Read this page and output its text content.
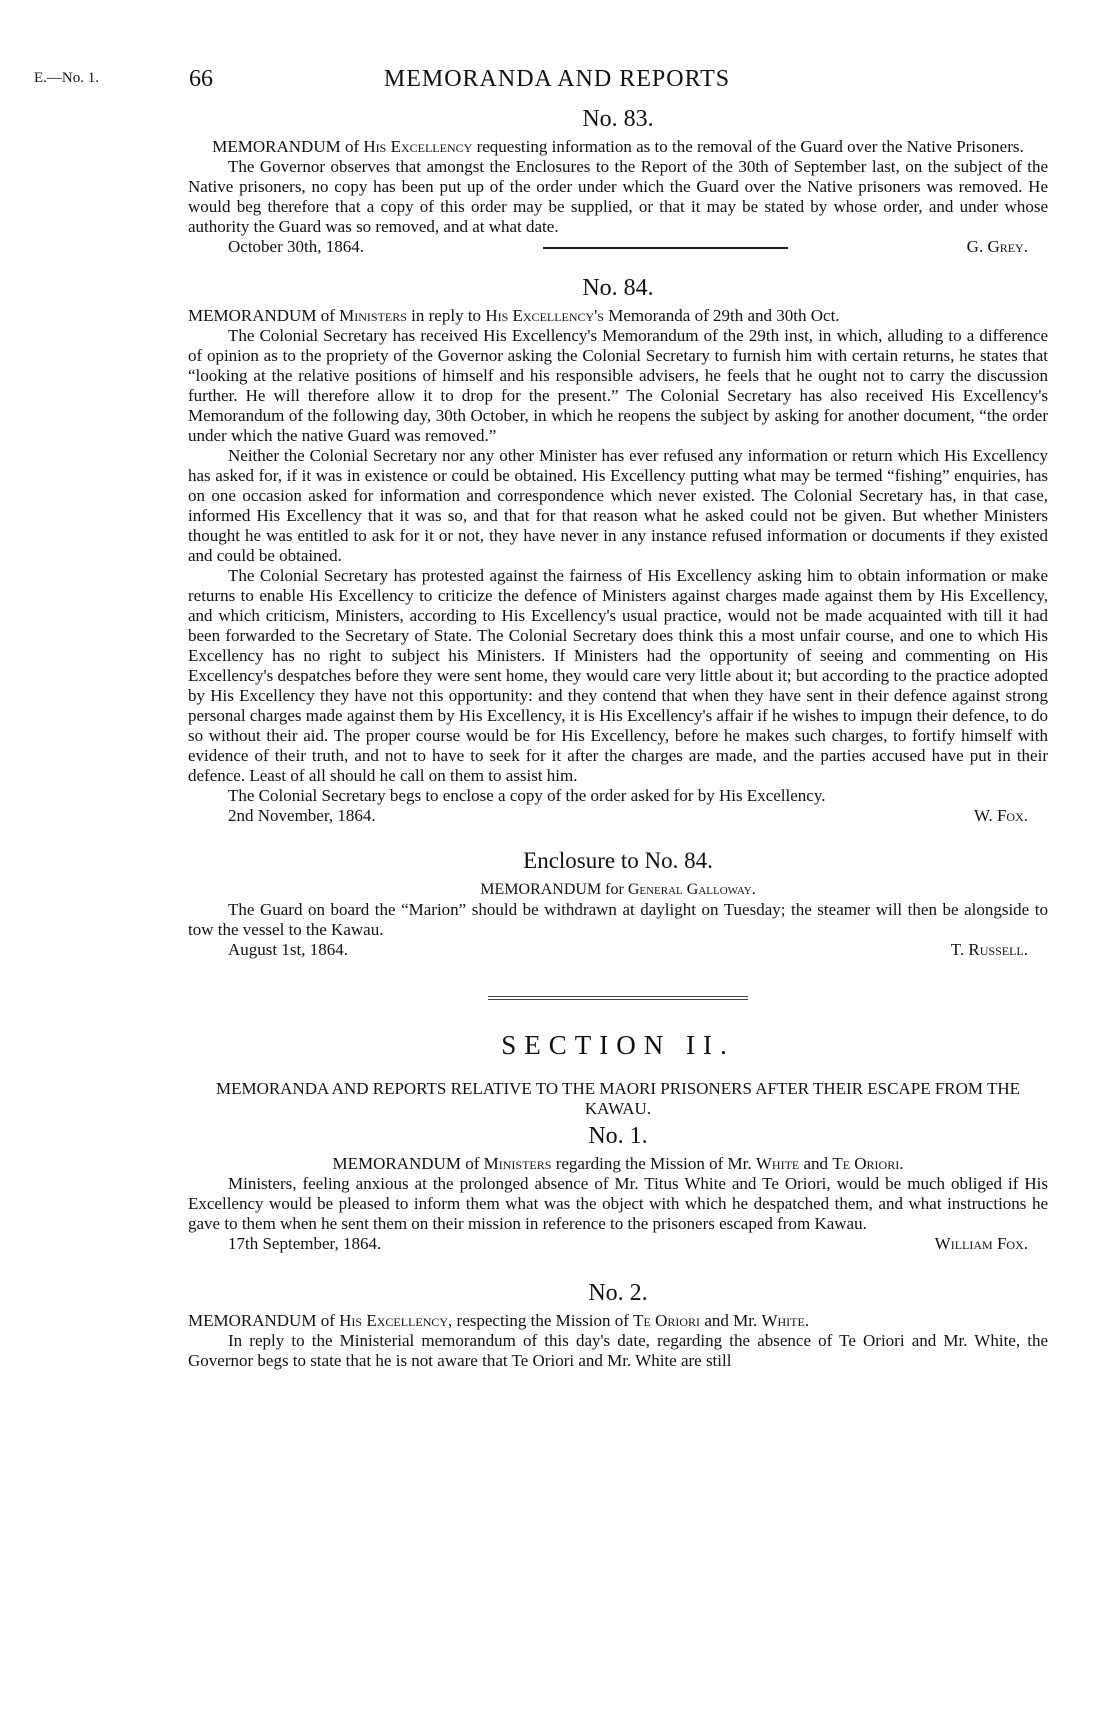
E.—No. 1.	66	MEMORANDA AND REPORTS
No. 83.
MEMORANDUM of His Excellency requesting information as to the removal of the Guard over the Native Prisoners.

The Governor observes that amongst the Enclosures to the Report of the 30th of September last, on the subject of the Native prisoners, no copy has been put up of the order under which the Guard over the Native prisoners was removed. He would beg therefore that a copy of this order may be supplied, or that it may be stated by whose order, and under whose authority the Guard was so removed, and at what date.

October 30th, 1864.	G. Grey.
No. 84.
MEMORANDUM of Ministers in reply to His Excellency's Memoranda of 29th and 30th Oct.

The Colonial Secretary has received His Excellency's Memorandum of the 29th inst, in which, alluding to a difference of opinion as to the propriety of the Governor asking the Colonial Secretary to furnish him with certain returns, he states that “looking at the relative positions of himself and his responsible advisers, he feels that he ought not to carry the discussion further. He will therefore allow it to drop for the present.” The Colonial Secretary has also received His Excellency's Memorandum of the following day, 30th October, in which he reopens the subject by asking for another document, “the order under which the native Guard was removed.”

Neither the Colonial Secretary nor any other Minister has ever refused any information or return which His Excellency has asked for, if it was in existence or could be obtained. His Excellency putting what may be termed “fishing” enquiries, has on one occasion asked for information and correspondence which never existed. The Colonial Secretary has, in that case, informed His Excellency that it was so, and that for that reason what he asked could not be given. But whether Ministers thought he was entitled to ask for it or not, they have never in any instance refused information or documents if they existed and could be obtained.

The Colonial Secretary has protested against the fairness of His Excellency asking him to obtain information or make returns to enable His Excellency to criticize the defence of Ministers against charges made against them by His Excellency, and which criticism, Ministers, according to His Excellency's usual practice, would not be made acquainted with till it had been forwarded to the Secretary of State. The Colonial Secretary does think this a most unfair course, and one to which His Excellency has no right to subject his Ministers. If Ministers had the opportunity of seeing and commenting on His Excellency's despatches before they were sent home, they would care very little about it; but according to the practice adopted by His Excellency they have not this opportunity: and they contend that when they have sent in their defence against strong personal charges made against them by His Excellency, it is His Excellency's affair if he wishes to impugn their defence, to do so without their aid. The proper course would be for His Excellency, before he makes such charges, to fortify himself with evidence of their truth, and not to have to seek for it after the charges are made, and the parties accused have put in their defence. Least of all should he call on them to assist him.

The Colonial Secretary begs to enclose a copy of the order asked for by His Excellency.

2nd November, 1864.	W. Fox.
Enclosure to No. 84.
MEMORANDUM for General Galloway.

The Guard on board the “Marion” should be withdrawn at daylight on Tuesday; the steamer will then be alongside to tow the vessel to the Kawau.

August 1st, 1864.	T. Russell.
SECTION II.
MEMORANDA AND REPORTS RELATIVE TO THE MAORI PRISONERS AFTER THEIR ESCAPE FROM THE KAWAU.
No. 1.
MEMORANDUM of Ministers regarding the Mission of Mr. White and Te Oriori.

Ministers, feeling anxious at the prolonged absence of Mr. Titus White and Te Oriori, would be much obliged if His Excellency would be pleased to inform them what was the object with which he despatched them, and what instructions he gave to them when he sent them on their mission in reference to the prisoners escaped from Kawau.

17th September, 1864.	William Fox.
No. 2.
MEMORANDUM of His Excellency, respecting the Mission of Te Oriori and Mr. White.

In reply to the Ministerial memorandum of this day's date, regarding the absence of Te Oriori and Mr. White, the Governor begs to state that he is not aware that Te Oriori and Mr. White are still
